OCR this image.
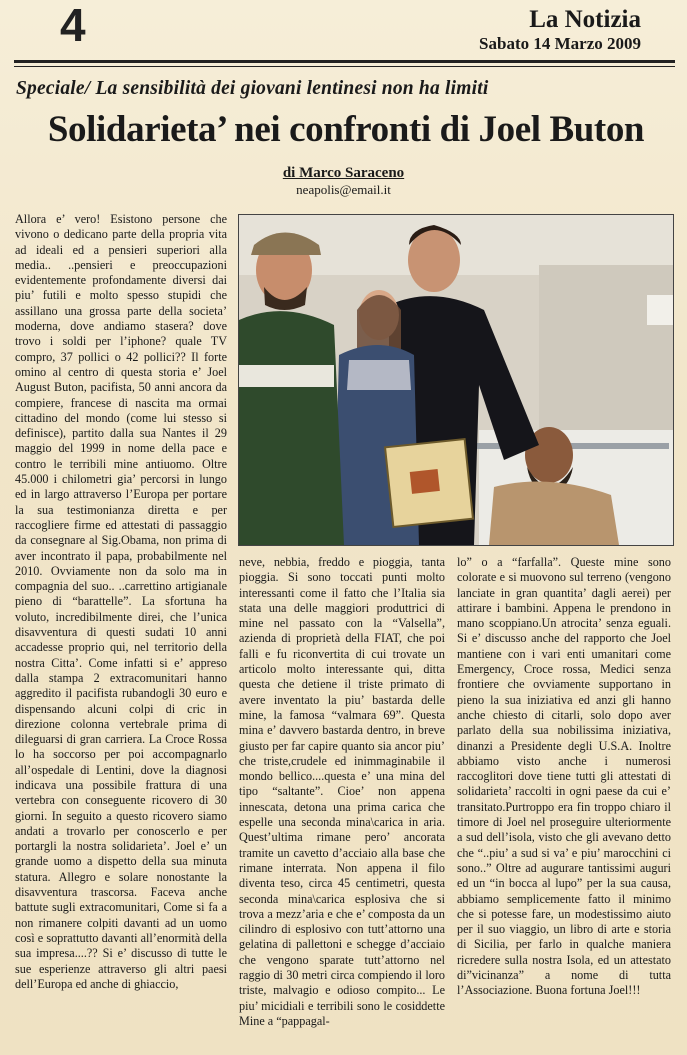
4	La Notizia
Sabato 14 Marzo 2009
Speciale/ La sensibilità dei giovani lentinesi non ha limiti
Solidarieta’ nei confronti di Joel Buton
di Marco Saraceno
neapolis@email.it

Allora e’ vero! Esistono persone che vivono o dedicano parte della propria vita ad ideali ed a pensieri superiori alla media.. ..pensieri e preoccupazioni evidentemente profondamente diversi dai piu’ futili e molto spesso stupidi che assillano una grossa parte della societa’ moderna, dove andiamo stasera? dove trovo i soldi per l’iphone? quale TV compro, 37 pollici o 42 pollici?? Il forte omino al centro di questa storia e’ Joel August Buton, pacifista, 50 anni ancora da compiere, francese di nascita ma ormai cittadino del mondo (come lui stesso si definisce), partito dalla sua Nantes il 29 maggio del 1999 in nome della pace e contro le terribili mine antiuomo. Oltre 45.000 i chilometri gia’ percorsi in lungo ed in largo attraverso l’Europa per portare la sua testimonianza diretta e per raccogliere firme ed attestati di passaggio da consegnare al Sig.Obama, non prima di aver incontrato il papa, probabilmente nel 2010. Ovviamente non da solo ma in compagnia del suo.. ..carrettino artigianale pieno di “barattelle”. La sfortuna ha voluto, incredibilmente direi, che l’unica disavventura di questi sudati 10 anni accadesse proprio qui, nel territorio della nostra Citta’. Come infatti si e’ appreso dalla stampa 2 extracomunitari hanno aggredito il pacifista rubandogli 30 euro e dispensando alcuni colpi di cric in direzione colonna vertebrale prima di dileguarsi di gran carriera. La Croce Rossa lo ha soccorso per poi accompagnarlo all’ospedale di Lentini, dove la diagnosi indicava una possibile frattura di una vertebra con conseguente ricovero di 30 giorni. In seguito a questo ricovero siamo andati a trovarlo per conoscerlo e per portargli la nostra solidarieta’. Joel e’ un grande uomo a dispetto della sua minuta statura. Allegro e solare nonostante la disavventura trascorsa. Faceva anche battute sugli extracomunitari, Come si fa a non rimanere colpiti davanti ad un uomo così e soprattutto davanti all’enormità della sua impresa....?? Si e’ discusso di tutte le sue esperienze attraverso gli altri paesi dell’Europa ed anche di ghiaccio,

neve, nebbia, freddo e pioggia, tanta pioggia. Si sono toccati punti molto interessanti come il fatto che l’Italia sia stata una delle maggiori produttrici di mine nel passato con la “Valsella”, azienda di proprietà della FIAT, che poi falli e fu riconvertita di cui trovate un articolo molto interessante qui, ditta questa che detiene il triste primato di avere inventato la piu’ bastarda delle mine, la famosa “valmara 69”. Questa mina e’ davvero bastarda dentro, in breve giusto per far capire quanto sia ancor piu’ che triste,crudele ed inimmaginabile il mondo bellico....questa e’ una mina del tipo “saltante”. Cioe’ non appena innescata, detona una prima carica che espelle una seconda mina\carica in aria. Quest’ultima rimane pero’ ancorata tramite un cavetto d’acciaio alla base che rimane interrata. Non appena il filo diventa teso, circa 45 centimetri, questa seconda mina\carica esplosiva che si trova a mezz’aria e che e’ composta da un cilindro di esplosivo con tutt’attorno una gelatina di pallettoni e schegge d’acciaio che vengono sparate tutt’attorno nel raggio di 30 metri circa compiendo il loro triste, malvagio e odioso compito... Le piu’ micidiali e terribili sono le cosiddette Mine a “pappagal-

lo” o a “farfalla”. Queste mine sono colorate e si muovono sul terreno (vengono lanciate in gran quantita’ dagli aerei) per attirare i bambini. Appena le prendono in mano scoppiano.Un atrocita’ senza eguali. Si e’ discusso anche del rapporto che Joel mantiene con i vari enti umanitari come Emergency, Croce rossa, Medici senza frontiere che ovviamente supportano in pieno la sua iniziativa ed anzi gli hanno anche chiesto di citarli, solo dopo aver parlato della sua nobilissima iniziativa, dinanzi a Presidente degli U.S.A. Inoltre abbiamo visto anche i numerosi raccoglitori dove tiene tutti gli attestati di solidarieta’ raccolti in ogni paese da cui e’ transitato.Purtroppo era fin troppo chiaro il timore di Joel nel proseguire ulteriormente a sud dell’isola, visto che gli avevano detto che “..piu’ a sud si va’ e piu’ marocchini ci sono..” Oltre ad augurare tantissimi auguri ed un “in bocca al lupo” per la sua causa, abbiamo semplicemente fatto il minimo che si potesse fare, un modestissimo aiuto per il suo viaggio, un libro di arte e storia di Sicilia, per farlo in qualche maniera ricredere sulla nostra Isola, ed un attestato di”vicinanza” a nome di tutta l’Associazione. Buona fortuna Joel!!!
